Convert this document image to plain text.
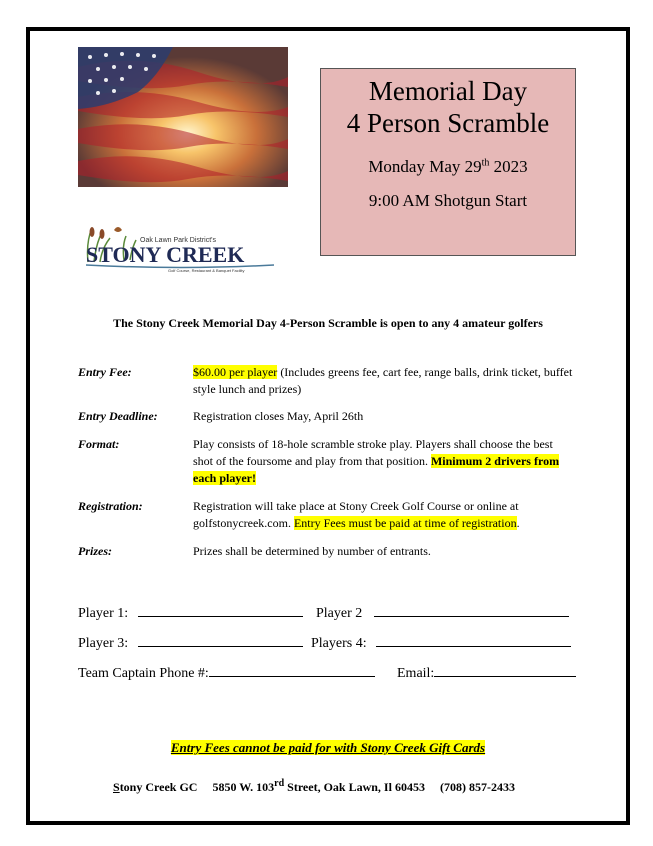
Memorial Day
4 Person Scramble
Monday May 29th 2023
9:00 AM Shotgun Start
Oak Lawn Park District's
STONY CREEK
Golf Course, Restaurant & Banquet Facility
The Stony Creek Memorial Day 4-Person Scramble is open to any 4 amateur golfers
Entry Fee:	$60.00 per player (Includes greens fee, cart fee, range balls, drink ticket, buffet style lunch and prizes)
Entry Deadline:	Registration closes May, April 26th
Format:	Play consists of 18-hole scramble stroke play. Players shall choose the best shot of the foursome and play from that position. Minimum 2 drivers from each player!
Registration:	Registration will take place at Stony Creek Golf Course or online at golfstonycreek.com. Entry Fees must be paid at time of registration.
Prizes:	Prizes shall be determined by number of entrants.
Player 1:	Player 2
Player 3:	Players 4:
Team Captain Phone #:	Email:
Entry Fees cannot be paid for with Stony Creek Gift Cards
Stony Creek GC 5850 W. 103rd Street, Oak Lawn, Il 60453 (708) 857-2433
